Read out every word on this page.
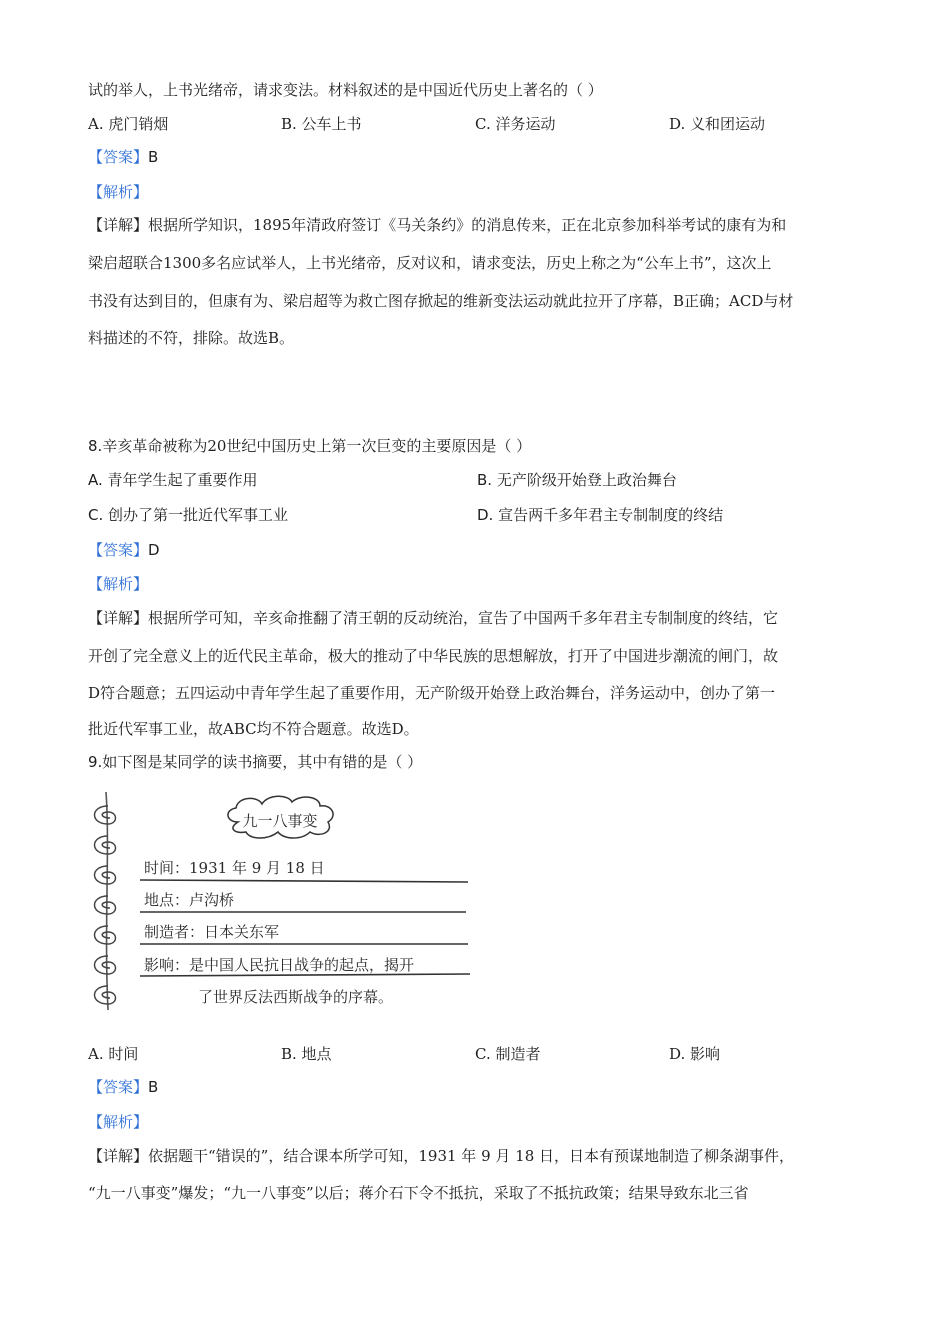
试的举人，上书光绪帝，请求变法。材料叙述的是中国近代历史上著名的（ ）
A. 虎门销烟	B. 公车上书	C. 洋务运动	D. 义和团运动
【答案】B
【解析】
【详解】根据所学知识，1895年清政府签订《马关条约》的消息传来，正在北京参加科举考试的康有为和
梁启超联合1300多名应试举人，上书光绪帝，反对议和，请求变法，历史上称之为“公车上书”，这次上
书没有达到目的，但康有为、梁启超等为救亡图存掀起的维新变法运动就此拉开了序幕，B正确；ACD与材
料描述的不符，排除。故选B。
8.辛亥革命被称为20世纪中国历史上第一次巨变的主要原因是（ ）
A. 青年学生起了重要作用	B. 无产阶级开始登上政治舞台
C. 创办了第一批近代军事工业	D. 宣告两千多年君主专制制度的终结
【答案】D
【解析】
【详解】根据所学可知，辛亥命推翻了清王朝的反动统治，宣告了中国两千多年君主专制制度的终结，它
开创了完全意义上的近代民主革命，极大的推动了中华民族的思想解放，打开了中国进步潮流的闸门，故
D符合题意；五四运动中青年学生起了重要作用，无产阶级开始登上政治舞台，洋务运动中，创办了第一
批近代军事工业，故ABC均不符合题意。故选D。
9.如下图是某同学的读书摘要，其中有错的是（ ）
九一八事变
时间：1931 年 9 月 18 日
地点：卢沟桥
制造者：日本关东军
影响：是中国人民抗日战争的起点，揭开
了世界反法西斯战争的序幕。
A. 时间	B. 地点	C. 制造者	D. 影响
【答案】B
【解析】
【详解】依据题干“错误的”，结合课本所学可知，1931 年 9 月 18 日，日本有预谋地制造了柳条湖事件，
“九一八事变”爆发；“九一八事变”以后；蒋介石下令不抵抗，采取了不抵抗政策；结果导致东北三省
